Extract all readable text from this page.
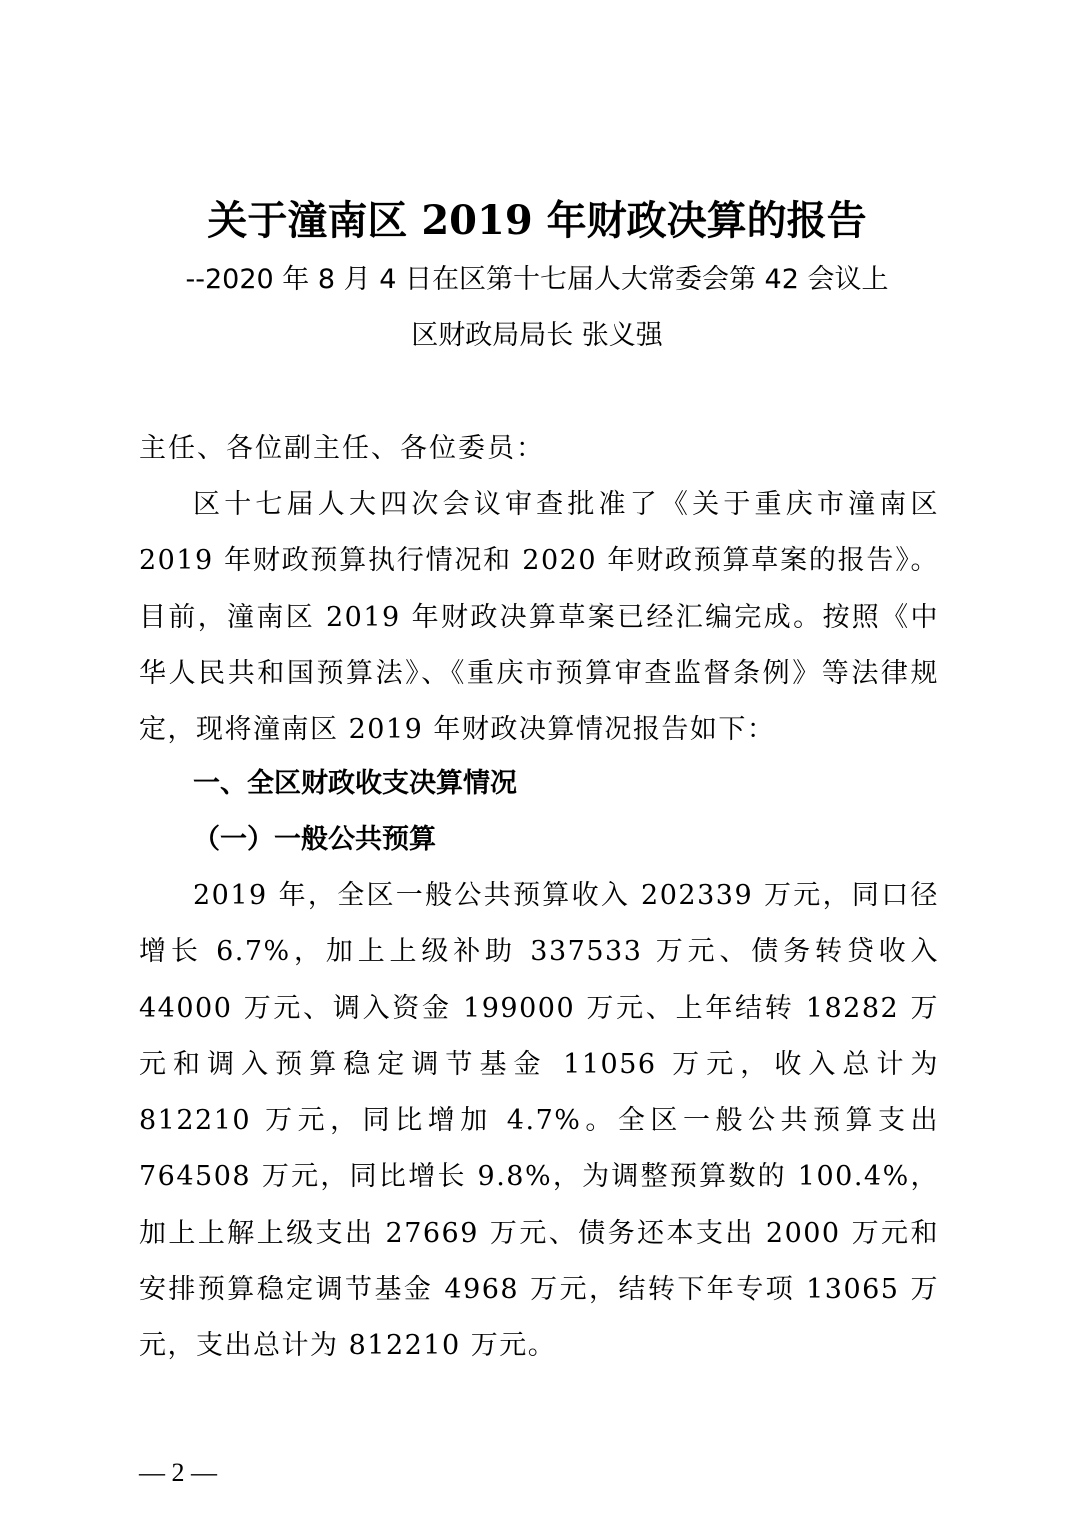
关于潼南区 2019 年财政决算的报告
--2020 年 8 月 4 日在区第十七届人大常委会第 42 会议上
区财政局局长 张义强
主任、各位副主任、各位委员：
区十七届人大四次会议审查批准了《关于重庆市潼南区 2019 年财政预算执行情况和 2020 年财政预算草案的报告》。目前，潼南区 2019 年财政决算草案已经汇编完成。按照《中华人民共和国预算法》、《重庆市预算审查监督条例》等法律规定，现将潼南区 2019 年财政决算情况报告如下：
一、全区财政收支决算情况
（一）一般公共预算
2019 年，全区一般公共预算收入 202339 万元，同口径增长 6.7%，加上上级补助 337533 万元、债务转贷收入 44000 万元、调入资金 199000 万元、上年结转 18282 万元和调入预算稳定调节基金 11056 万元，收入总计为 812210 万元，同比增加 4.7%。全区一般公共预算支出 764508 万元，同比增长 9.8%，为调整预算数的 100.4%，加上上解上级支出 27669 万元、债务还本支出 2000 万元和安排预算稳定调节基金 4968 万元，结转下年专项 13065 万元，支出总计为 812210 万元。
— 2 —
